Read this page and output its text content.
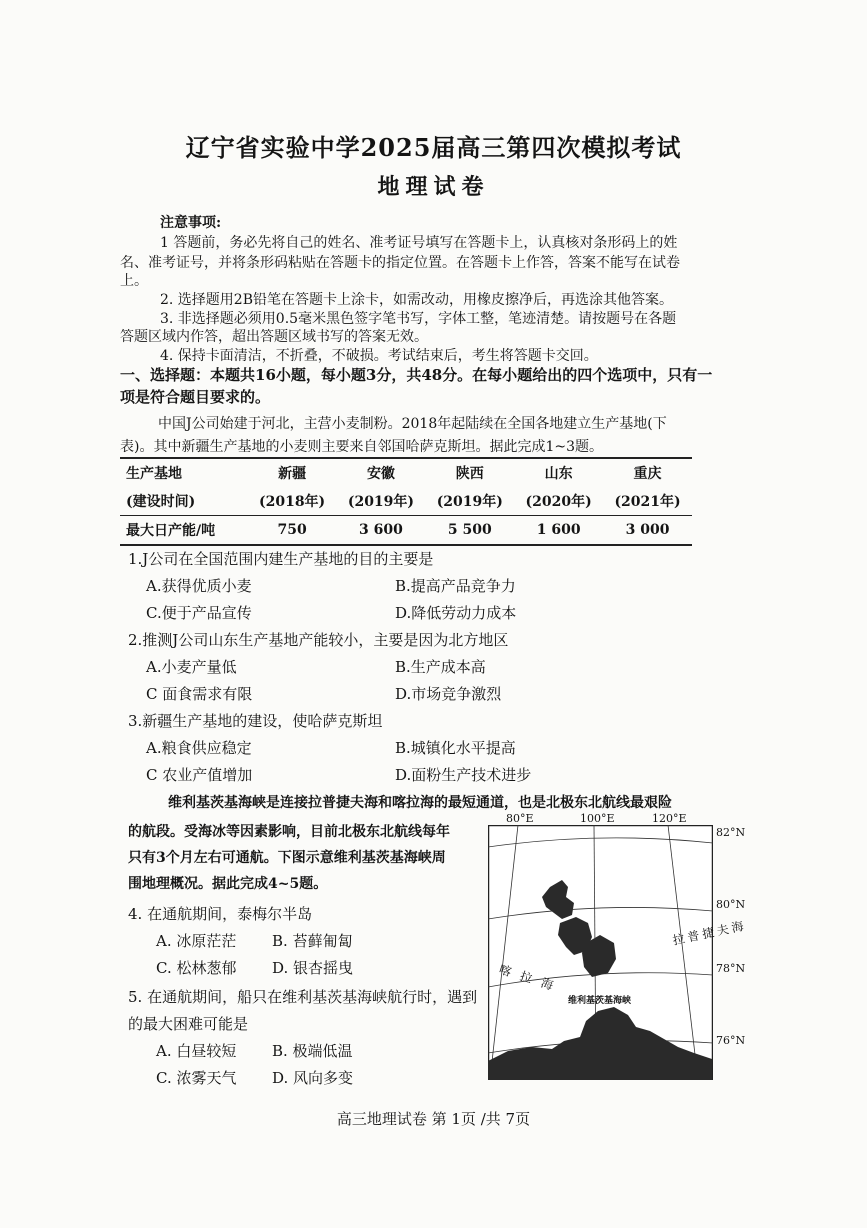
辽宁省实验中学2025届高三第四次模拟考试
地理试卷
注意事项:
1 答题前，务必先将自己的姓名、准考证号填写在答题卡上，认真核对条形码上的姓
名、准考证号，并将条形码粘贴在答题卡的指定位置。在答题卡上作答，答案不能写在试卷
上。
2. 选择题用2B铅笔在答题卡上涂卡，如需改动，用橡皮擦净后，再选涂其他答案。
3. 非选择题必须用0.5毫米黑色签字笔书写，字体工整，笔迹清楚。请按题号在各题
答题区域内作答，超出答题区域书写的答案无效。
4. 保持卡面清洁，不折叠，不破损。考试结束后，考生将答题卡交回。
一、选择题：本题共16小题，每小题3分，共48分。在每小题给出的四个选项中，只有一
项是符合题目要求的。
中国J公司始建于河北，主营小麦制粉。2018年起陆续在全国各地建立生产基地(下
表)。其中新疆生产基地的小麦则主要来自邻国哈萨克斯坦。据此完成1~3题。
生产基地	新疆	安徽	陕西	山东	重庆
(建设时间)	(2018年)	(2019年)	(2019年)	(2020年)	(2021年)
最大日产能/吨	750	3 600	5 500	1 600	3 000
1.J公司在全国范围内建生产基地的目的主要是
A.获得优质小麦	B.提高产品竞争力
C.便于产品宣传	D.降低劳动力成本
2.推测J公司山东生产基地产能较小，主要是因为北方地区
A.小麦产量低	B.生产成本高
C 面食需求有限	D.市场竞争激烈
3.新疆生产基地的建设，使哈萨克斯坦
A.粮食供应稳定	B.城镇化水平提高
C 农业产值增加	D.面粉生产技术进步
维利基茨基海峡是连接拉普捷夫海和喀拉海的最短通道，也是北极东北航线最艰险
的航段。受海冰等因素影响，目前北极东北航线每年
只有3个月左右可通航。下图示意维利基茨基海峡周
围地理概况。据此完成4~5题。
4. 在通航期间，泰梅尔半岛
A. 冰原茫茫 B. 苔藓匍匐
C. 松林葱郁 D. 银杏摇曳
5. 在通航期间，船只在维利基茨基海峡航行时，遇到
的最大困难可能是
A. 白昼较短 B. 极端低温
C. 浓雾天气 D. 风向多变
80°E	100°E	120°E
82°N
80°N
78°N
76°N
拉普捷夫海
喀拉海
维利基茨基海峡
高三地理试卷 第 1页 /共 7页
